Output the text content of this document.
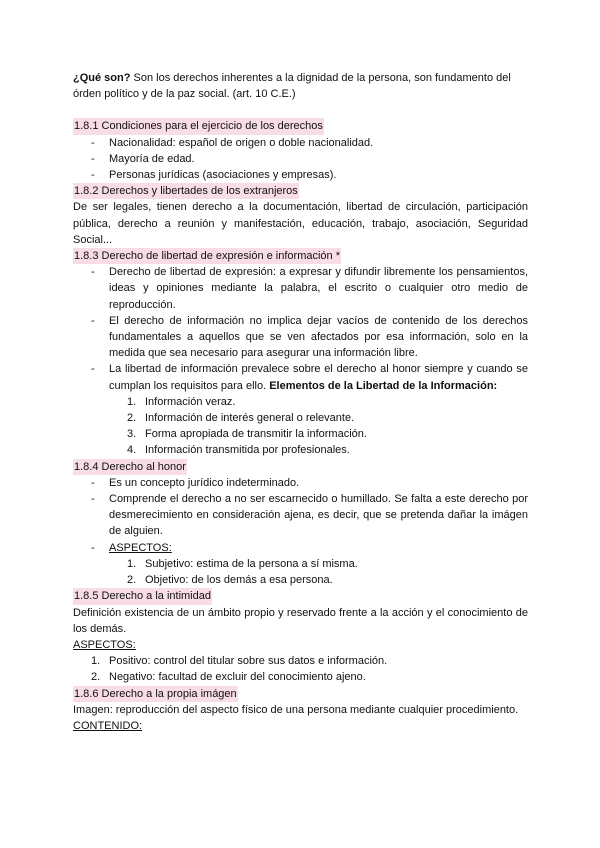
¿Qué son? Son los derechos inherentes a la dignidad de la persona, son fundamento del órden político y de la paz social. (art. 10 C.E.)

1.8.1 Condiciones para el ejercicio de los derechos

- Nacionalidad: español de origen o doble nacionalidad.
- Mayoría de edad.
- Personas jurídicas (asociaciones y empresas).

1.8.2 Derechos y libertades de los extranjeros

De ser legales, tienen derecho a la documentación, libertad de circulación, participación pública, derecho a reunión y manifestación, educación, trabajo, asociación, Seguridad Social...

1.8.3 Derecho de libertad de expresión e información *

- Derecho de libertad de expresión: a expresar y difundir libremente los pensamientos, ideas y opiniones mediante la palabra, el escrito o cualquier otro medio de reproducción.
- El derecho de información no implica dejar vacíos de contenido de los derechos fundamentales a aquellos que se ven afectados por esa información, solo en la medida que sea necesario para asegurar una información libre.
- La libertad de información prevalece sobre el derecho al honor siempre y cuando se cumplan los requisitos para ello. Elementos de la Libertad de la Información:
1. Información veraz.
2. Información de interés general o relevante.
3. Forma apropiada de transmitir la información.
4. Información transmitida por profesionales.

1.8.4 Derecho al honor

- Es un concepto jurídico indeterminado.
- Comprende el derecho a no ser escarnecido o humillado. Se falta a este derecho por desmerecimiento en consideración ajena, es decir, que se pretenda dañar la imágen de alguien.
- ASPECTOS:
1. Subjetivo: estima de la persona a sí misma.
2. Objetivo: de los demás a esa persona.

1.8.5 Derecho a la intimidad

Definición existencia de un ámbito propio y reservado frente a la acción y el conocimiento de los demás.

ASPECTOS:

1. Positivo: control del titular sobre sus datos e información.
2. Negativo: facultad de excluir del conocimiento ajeno.

1.8.6 Derecho a la propia imágen

Imagen: reproducción del aspecto físico de una persona mediante cualquier procedimiento.

CONTENIDO:
